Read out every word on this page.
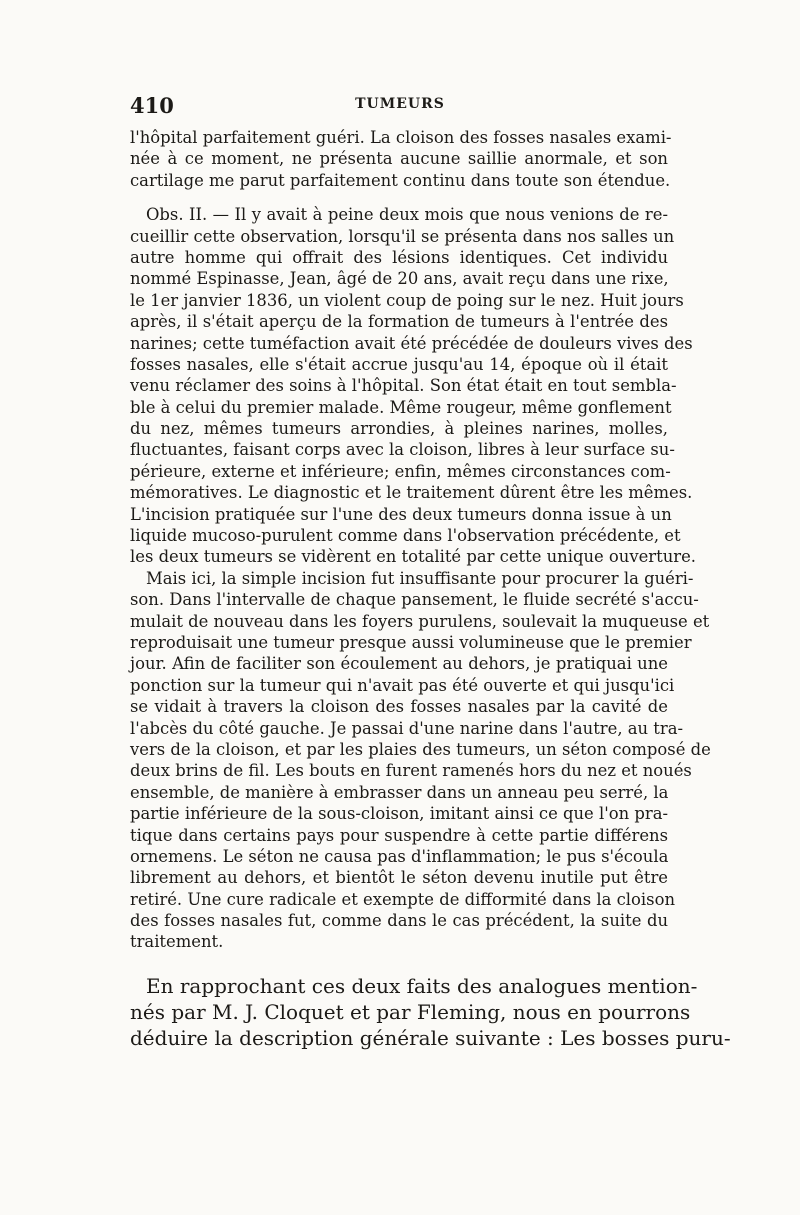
410	TUMEURS
l'hôpital parfaitement guéri. La cloison des fosses nasales exami-
née à ce moment, ne présenta aucune saillie anormale, et son
cartilage me parut parfaitement continu dans toute son étendue.
Obs. II. — Il y avait à peine deux mois que nous venions de re-
cueillir cette observation, lorsqu'il se présenta dans nos salles un
autre homme qui offrait des lésions identiques. Cet individu
nommé Espinasse, Jean, âgé de 20 ans, avait reçu dans une rixe,
le 1er janvier 1836, un violent coup de poing sur le nez. Huit jours
après, il s'était aperçu de la formation de tumeurs à l'entrée des
narines; cette tuméfaction avait été précédée de douleurs vives des
fosses nasales, elle s'était accrue jusqu'au 14, époque où il était
venu réclamer des soins à l'hôpital. Son état était en tout sembla-
ble à celui du premier malade. Même rougeur, même gonflement
du nez, mêmes tumeurs arrondies, à pleines narines, molles,
fluctuantes, faisant corps avec la cloison, libres à leur surface su-
périeure, externe et inférieure; enfin, mêmes circonstances com-
mémoratives. Le diagnostic et le traitement dûrent être les mêmes.
L'incision pratiquée sur l'une des deux tumeurs donna issue à un
liquide mucoso-purulent comme dans l'observation précédente, et
les deux tumeurs se vidèrent en totalité par cette unique ouverture.
Mais ici, la simple incision fut insuffisante pour procurer la guéri-
son. Dans l'intervalle de chaque pansement, le fluide secrété s'accu-
mulait de nouveau dans les foyers purulens, soulevait la muqueuse et
reproduisait une tumeur presque aussi volumineuse que le premier
jour. Afin de faciliter son écoulement au dehors, je pratiquai une
ponction sur la tumeur qui n'avait pas été ouverte et qui jusqu'ici
se vidait à travers la cloison des fosses nasales par la cavité de
l'abcès du côté gauche. Je passai d'une narine dans l'autre, au tra-
vers de la cloison, et par les plaies des tumeurs, un séton composé de
deux brins de fil. Les bouts en furent ramenés hors du nez et noués
ensemble, de manière à embrasser dans un anneau peu serré, la
partie inférieure de la sous-cloison, imitant ainsi ce que l'on pra-
tique dans certains pays pour suspendre à cette partie différens
ornemens. Le séton ne causa pas d'inflammation; le pus s'écoula
librement au dehors, et bientôt le séton devenu inutile put être
retiré. Une cure radicale et exempte de difformité dans la cloison
des fosses nasales fut, comme dans le cas précédent, la suite du
traitement.
En rapprochant ces deux faits des analogues mention-
nés par M. J. Cloquet et par Fleming, nous en pourrons
déduire la description générale suivante : Les bosses puru-
